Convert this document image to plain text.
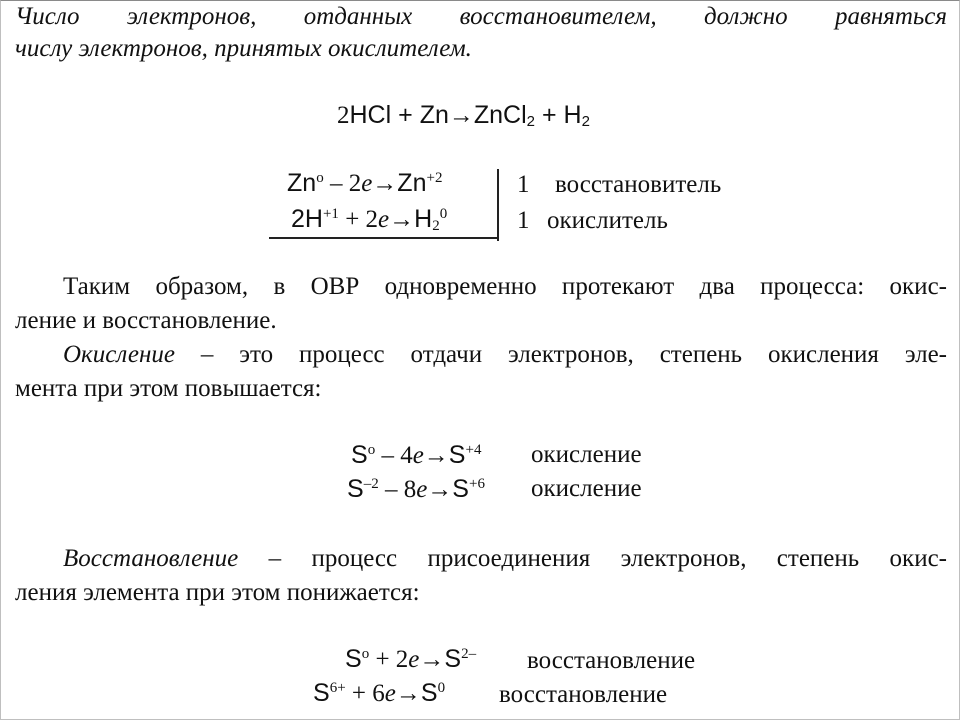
Число электронов, отданных восстановителем, должно равняться
числу электронов, принятых окислителем.
2HCl + Zn→ZnCl$_2$ + $H_2$
$Zn^o - 2e\to Zn^{+2}$	1 восстановитель
$2H^{+1} + 2e\to H_2^0$	1 окислитель
Таким образом, в ОВР одновременно протекают два процесса: окис-
ление и восстановление.
Окисление – это процесс отдачи электронов, степень окисления эле-
мента при этом повышается:
$S^o - 4e\to S^{+4}$ окисление
$S^{-2} - 8e\to S^{+6}$ окисление
Восстановление – процесс присоединения электронов, степень окис-
ления элемента при этом понижается:
$S^o + 2e\to S^{2-}$ восстановление
$S^{6+} + 6e\to S^0$ восстановление
